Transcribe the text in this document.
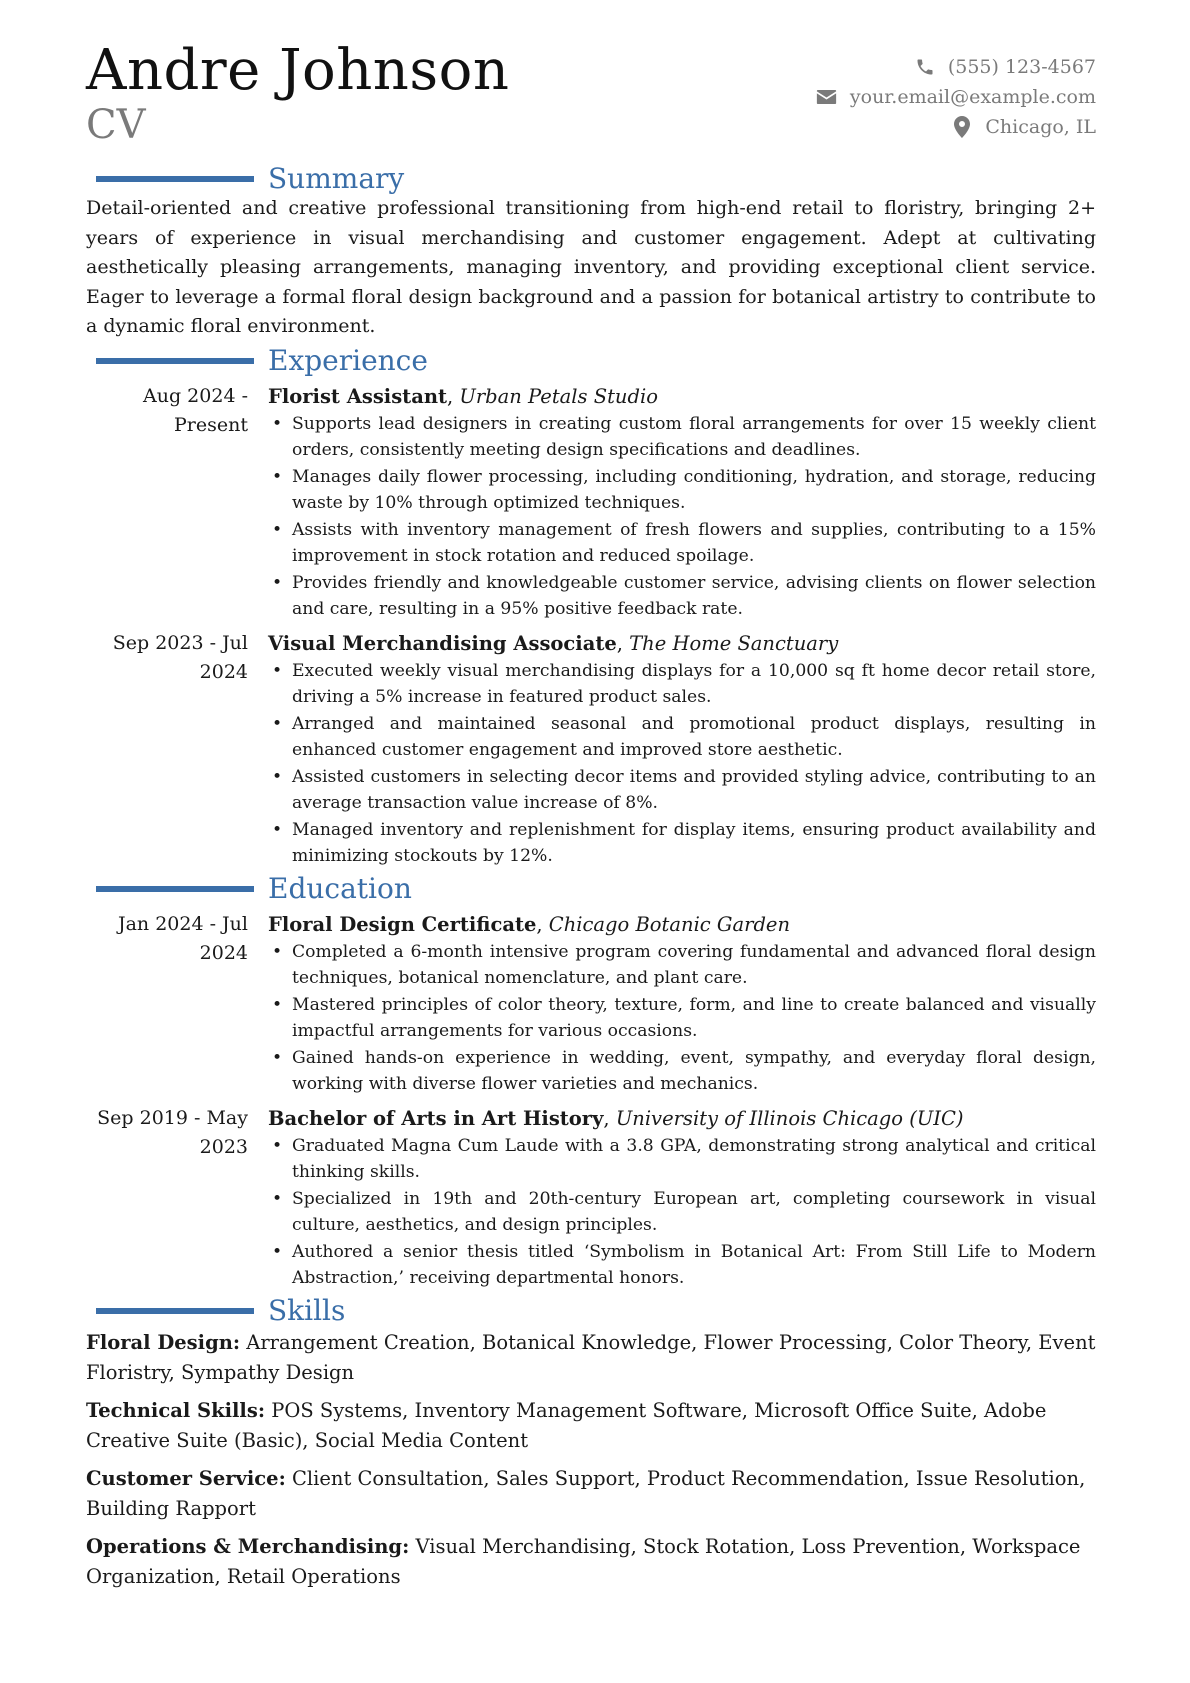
Andre Johnson
CV
(555) 123-4567
your.email@example.com
Chicago, IL
Summary

Detail-oriented and creative professional transitioning from high-end retail to floristry, bringing 2+ years of experience in visual merchandising and customer engagement. Adept at cultivating aesthetically pleasing arrangements, managing inventory, and providing exceptional client service. Eager to leverage a formal floral design background and a passion for botanical artistry to contribute to a dynamic floral environment.

Experience
Aug 2024 - Present
Florist Assistant, Urban Petals Studio
• Supports lead designers in creating custom floral arrangements for over 15 weekly client orders, consistently meeting design specifications and deadlines.
• Manages daily flower processing, including conditioning, hydration, and storage, reducing waste by 10% through optimized techniques.
• Assists with inventory management of fresh flowers and supplies, contributing to a 15% improvement in stock rotation and reduced spoilage.
• Provides friendly and knowledgeable customer service, advising clients on flower selection and care, resulting in a 95% positive feedback rate.
Sep 2023 - Jul 2024
Visual Merchandising Associate, The Home Sanctuary
• Executed weekly visual merchandising displays for a 10,000 sq ft home decor retail store, driving a 5% increase in featured product sales.
• Arranged and maintained seasonal and promotional product displays, resulting in enhanced customer engagement and improved store aesthetic.
• Assisted customers in selecting decor items and provided styling advice, contributing to an average transaction value increase of 8%.
• Managed inventory and replenishment for display items, ensuring product availability and minimizing stockouts by 12%.
Education
Jan 2024 - Jul 2024
Floral Design Certificate, Chicago Botanic Garden
• Completed a 6-month intensive program covering fundamental and advanced floral design techniques, botanical nomenclature, and plant care.
• Mastered principles of color theory, texture, form, and line to create balanced and visually impactful arrangements for various occasions.
• Gained hands-on experience in wedding, event, sympathy, and everyday floral design, working with diverse flower varieties and mechanics.
Sep 2019 - May 2023
Bachelor of Arts in Art History, University of Illinois Chicago (UIC)
• Graduated Magna Cum Laude with a 3.8 GPA, demonstrating strong analytical and critical thinking skills.
• Specialized in 19th and 20th-century European art, completing coursework in visual culture, aesthetics, and design principles.
• Authored a senior thesis titled ‘Symbolism in Botanical Art: From Still Life to Modern Abstraction,’ receiving departmental honors.
Skills
Floral Design: Arrangement Creation, Botanical Knowledge, Flower Processing, Color Theory, Event Floristry, Sympathy Design
Technical Skills: POS Systems, Inventory Management Software, Microsoft Office Suite, Adobe Creative Suite (Basic), Social Media Content
Customer Service: Client Consultation, Sales Support, Product Recommendation, Issue Resolution, Building Rapport
Operations & Merchandising: Visual Merchandising, Stock Rotation, Loss Prevention, Workspace Organization, Retail Operations
